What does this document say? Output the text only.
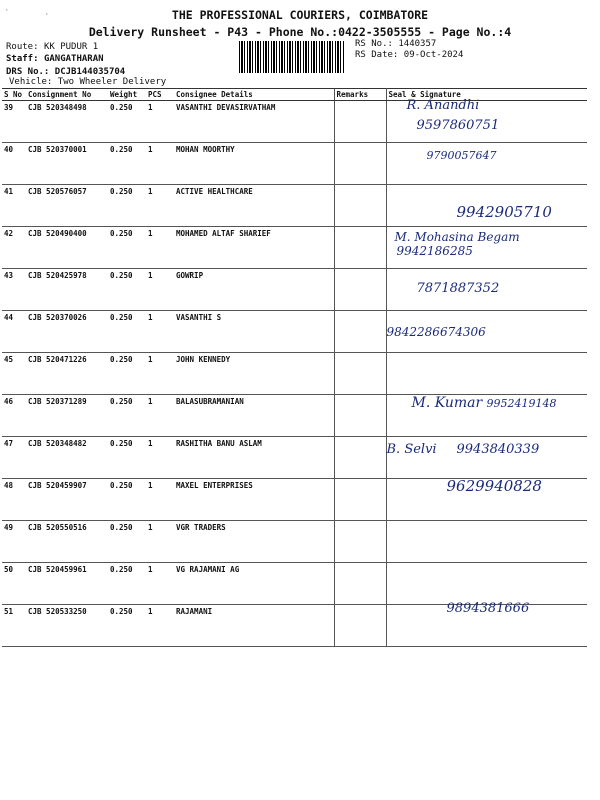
·	·	THE PROFESSIONAL COURIERS, COIMBATORE
Delivery Runsheet - P43 - Phone No.:0422-3505555 - Page No.:4
Route: KK PUDUR 1
Staff: GANGATHARAN
DRS No.: DCJB144035704
Vehicle: Two Wheeler Delivery
RS No.: 1440357
RS Date: 09-Oct-2024
S No	Consignment No	Weight	PCS	Consignee Details	Remarks	Seal & Signature
39	CJB 520348498	0.250	1	VASANTHI DEVASIRVATHAM		R. Anandhi
9597860751

40	CJB 520370001	0.250	1	MOHAN MOORTHY		9790057647

41	CJB 520576057	0.250	1	ACTIVE HEALTHCARE		9942905710

42	CJB 520490400	0.250	1	MOHAMED ALTAF SHARIEF		M. Mohasina Begam
9942186285

43	CJB 520425978	0.250	1	GOWRIP		7871887352

44	CJB 520370026	0.250	1	VASANTHI S		9842286674306

45	CJB 520471226	0.250	1	JOHN KENNEDY		
46	CJB 520371289	0.250	1	BALASUBRAMANIAN		M. Kumar 9952419148

47	CJB 520348482	0.250	1	RASHITHA BANU ASLAM		B. Selvi 9943840339

48	CJB 520459907	0.250	1	MAXEL ENTERPRISES		9629940828

49	CJB 520550516	0.250	1	VGR TRADERS		
50	CJB 520459961	0.250	1	VG RAJAMANI AG		
51	CJB 520533250	0.250	1	RAJAMANI		9894381666
